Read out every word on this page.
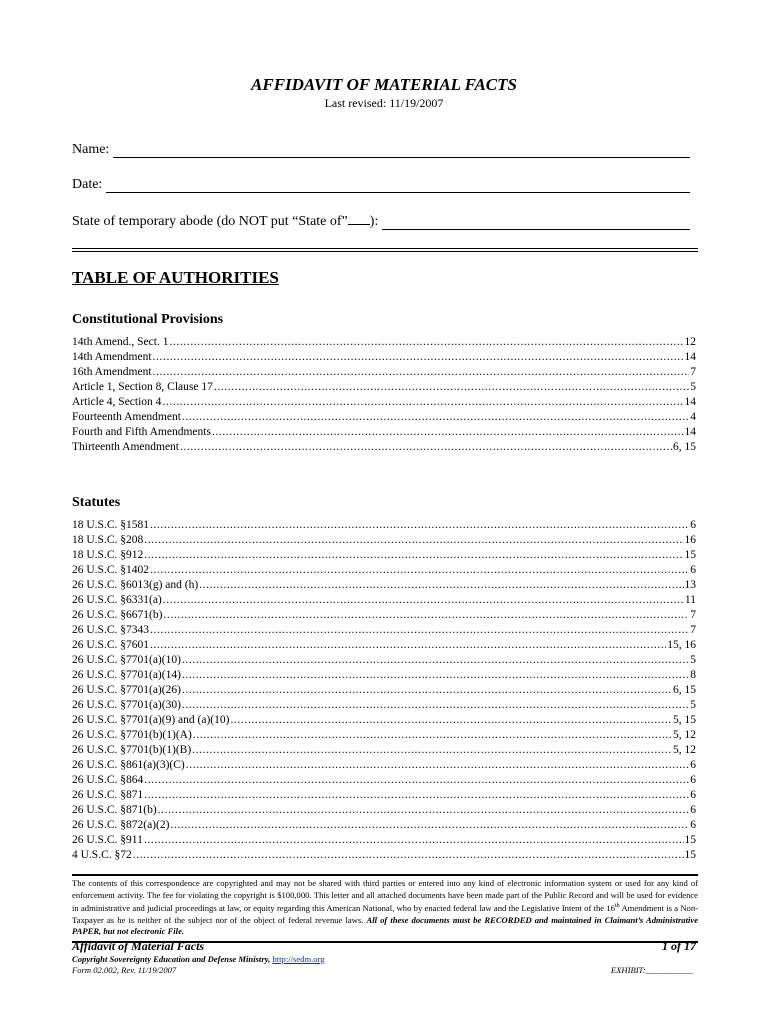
AFFIDAVIT OF MATERIAL FACTS
Last revised: 11/19/2007
Name:
Date:
State of temporary abode (do NOT put “State of” ):
TABLE OF AUTHORITIES
Constitutional Provisions
14th Amend., Sect. 1 .....	12
14th Amendment .....	14
16th Amendment .....	7
Article 1, Section 8, Clause 17 .....	5
Article 4, Section 4 .....	14
Fourteenth Amendment .....	4
Fourth and Fifth Amendments .....	14
Thirteenth Amendment .....	6, 15
Statutes
18 U.S.C. §1581 .....	6
18 U.S.C. §208 .....	16
18 U.S.C. §912 .....	15
26 U.S.C. §1402 .....	6
26 U.S.C. §6013(g) and (h) .....	13
26 U.S.C. §6331(a) .....	11
26 U.S.C. §6671(b) .....	7
26 U.S.C. §7343 .....	7
26 U.S.C. §7601 .....	15, 16
26 U.S.C. §7701(a)(10) .....	5
26 U.S.C. §7701(a)(14) .....	8
26 U.S.C. §7701(a)(26) .....	6, 15
26 U.S.C. §7701(a)(30) .....	5
26 U.S.C. §7701(a)(9) and (a)(10) .....	5, 15
26 U.S.C. §7701(b)(1)(A) .....	5, 12
26 U.S.C. §7701(b)(1)(B) .....	5, 12
26 U.S.C. §861(a)(3)(C) .....	6
26 U.S.C. §864 .....	6
26 U.S.C. §871 .....	6
26 U.S.C. §871(b) .....	6
26 U.S.C. §872(a)(2) .....	6
26 U.S.C. §911 .....	15
4 U.S.C. §72 .....	15
The contents of this correspondence are copyrighted and may not be shared with third parties or entered into any kind of electronic information system or used for any kind of enforcement activity. The fee for violating the copyright is $100,000. This letter and all attached documents have been made part of the Public Record and will be used for evidence in administrative and judicial proceedings at law, or equity regarding this American National, who by enacted federal law and the Legislative Intent of the 16th Amendment is a Non-Taxpayer as he is neither of the subject nor of the object of federal revenue laws. All of these documents must be RECORDED and maintained in Claimant’s Administrative PAPER, but not electronic File.
Affidavit of Material Facts	1 of 17
Copyright Sovereignty Education and Defense Ministry, http://sedm.org
Form 02.002, Rev. 11/19/2007	EXHIBIT:___________
